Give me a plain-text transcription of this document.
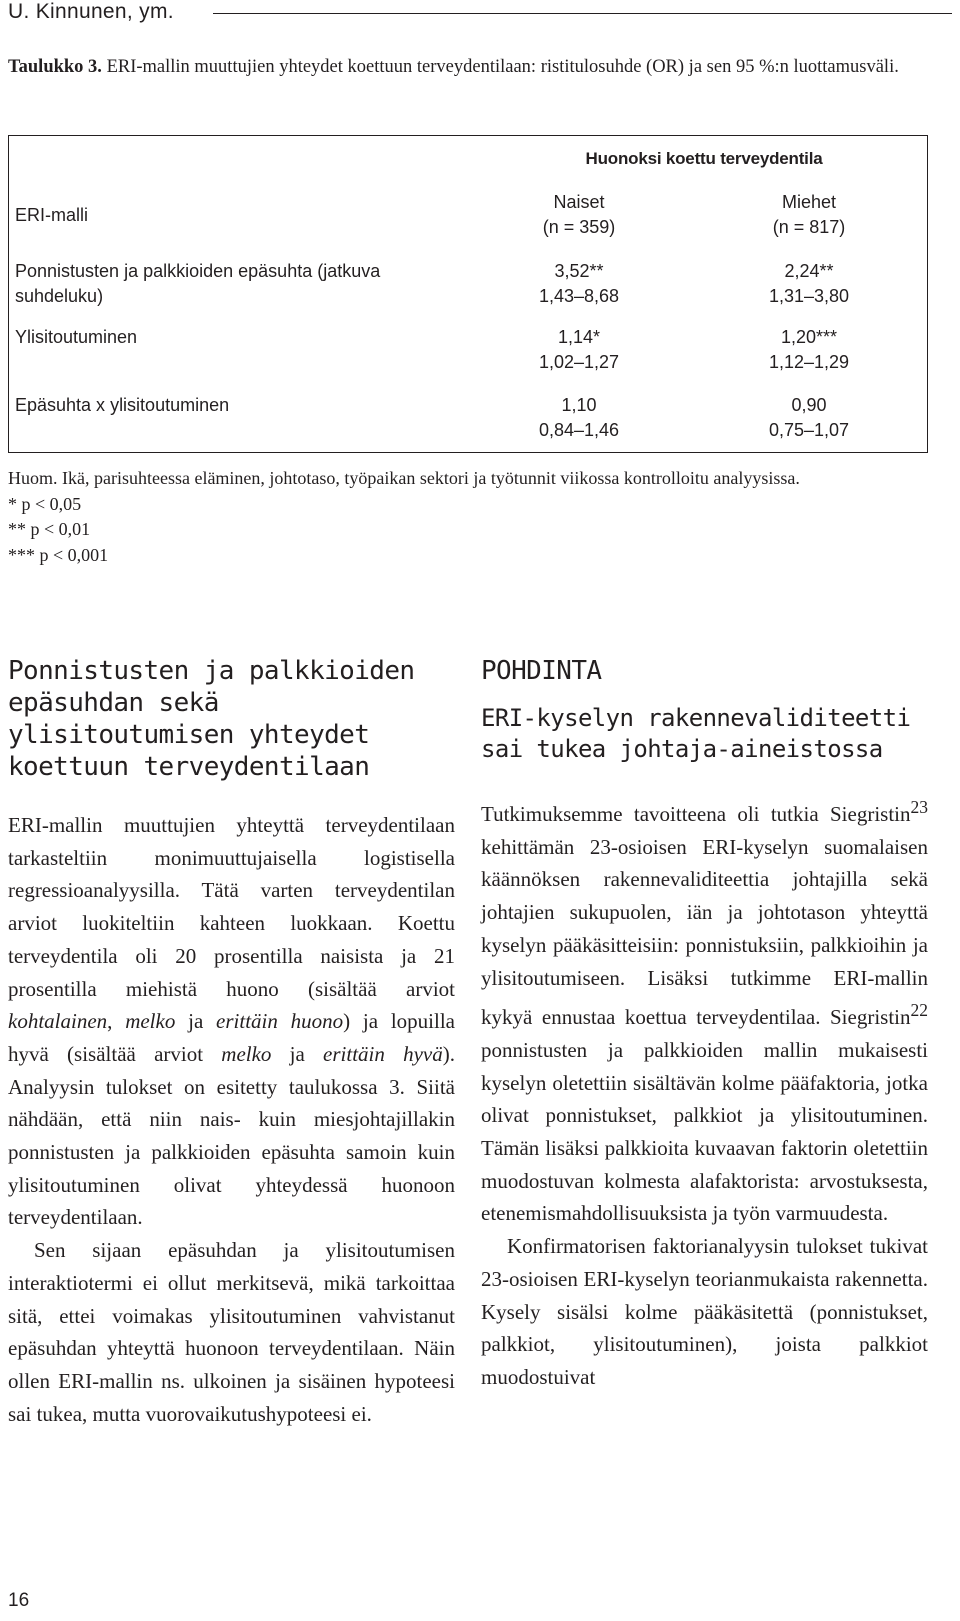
U. Kinnunen, ym.
Taulukko 3. ERI-mallin muuttujien yhteydet koettuun terveydentilaan: ristitulosuhde (OR) ja sen 95 %:n luottamusväli.
Huonoksi koettu terveydentila
ERI-malli
Naiset
(n = 359)
Miehet
(n = 817)
Ponnistusten ja palkkioiden epäsuhta (jatkuva
suhdeluku)
3,52**
1,43–8,68
2,24**
1,31–3,80
Ylisitoutuminen	1,14*
1,02–1,27
1,20***
1,12–1,29
Epäsuhta x ylisitoutuminen	1,10
0,84–1,46
0,90
0,75–1,07
Huom. Ikä, parisuhteessa eläminen, johtotaso, työpaikan sektori ja työtunnit viikossa kontrolloitu analyysissa.
* p < 0,05
** p < 0,01
*** p < 0,001
Ponnistusten ja palkkioiden epäsuhdan sekä ylisitoutumisen yhteydet koettuun terveydentilaan

ERI-mallin muuttujien yhteyttä terveydentilaan tarkasteltiin monimuuttujaisella logistisella regressioanalyysilla. Tätä varten terveydentilan arviot luokiteltiin kahteen luokkaan. Koettu terveydentila oli 20 prosentilla naisista ja 21 prosentilla miehistä huono (sisältää arviot kohtalainen, melko ja erittäin huono) ja lopuilla hyvä (sisältää arviot melko ja erittäin hyvä). Analyysin tulokset on esitetty taulukossa 3. Siitä nähdään, että niin nais- kuin miesjohtajillakin ponnistusten ja palkkioiden epäsuhta samoin kuin ylisitoutuminen olivat yhteydessä huonoon terveydentilaan.

Sen sijaan epäsuhdan ja ylisitoutumisen interaktiotermi ei ollut merkitsevä, mikä tarkoittaa sitä, ettei voimakas ylisitoutuminen vahvistanut epäsuhdan yhteyttä huonoon terveydentilaan. Näin ollen ERI-mallin ns. ulkoinen ja sisäinen hypoteesi sai tukea, mutta vuorovaikutushypoteesi ei.

POHDINTA
ERI-kyselyn rakennevaliditeetti sai tukea johtaja-aineistossa

Tutkimuksemme tavoitteena oli tutkia Siegristin$^{23}$ kehittämän 23-osioisen ERI-kyselyn suomalaisen käännöksen rakennevaliditeettia johtajilla sekä johtajien sukupuolen, iän ja johtotason yhteyttä kyselyn pääkäsitteisiin: ponnistuksiin, palkkioihin ja ylisitoutumiseen. Lisäksi tutkimme ERI-mallin kykyä ennustaa koettua terveydentilaa. Siegristin$^{22}$ ponnistusten ja palkkioiden mallin mukaisesti kyselyn oletettiin sisältävän kolme pääfaktoria, jotka olivat ponnistukset, palkkiot ja ylisitoutuminen. Tämän lisäksi palkkioita kuvaavan faktorin oletettiin muodostuvan kolmesta alafaktorista: arvostuksesta, etenemismahdollisuuksista ja työn varmuudesta.

Konfirmatorisen faktorianalyysin tulokset tukivat 23-osioisen ERI-kyselyn teorianmukaista rakennetta. Kysely sisälsi kolme pääkäsitettä (ponnistukset, palkkiot, ylisitoutuminen), joista palkkiot muodostuivat

16
